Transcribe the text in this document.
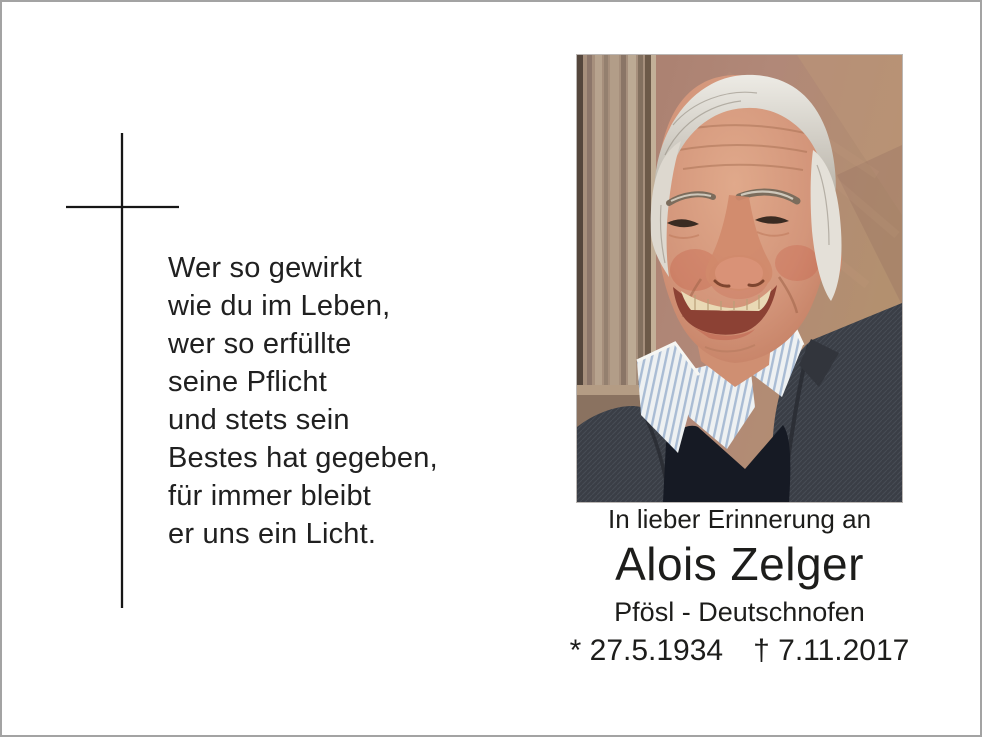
Wer so gewirkt
wie du im Leben,
wer so erfüllte
seine Pflicht
und stets sein
Bestes hat gegeben,
für immer bleibt
er uns ein Licht.	In lieber Erinnerung an
Alois Zelger
Pfösl - Deutschnofen
* 27.5.1934 † 7.11.2017
